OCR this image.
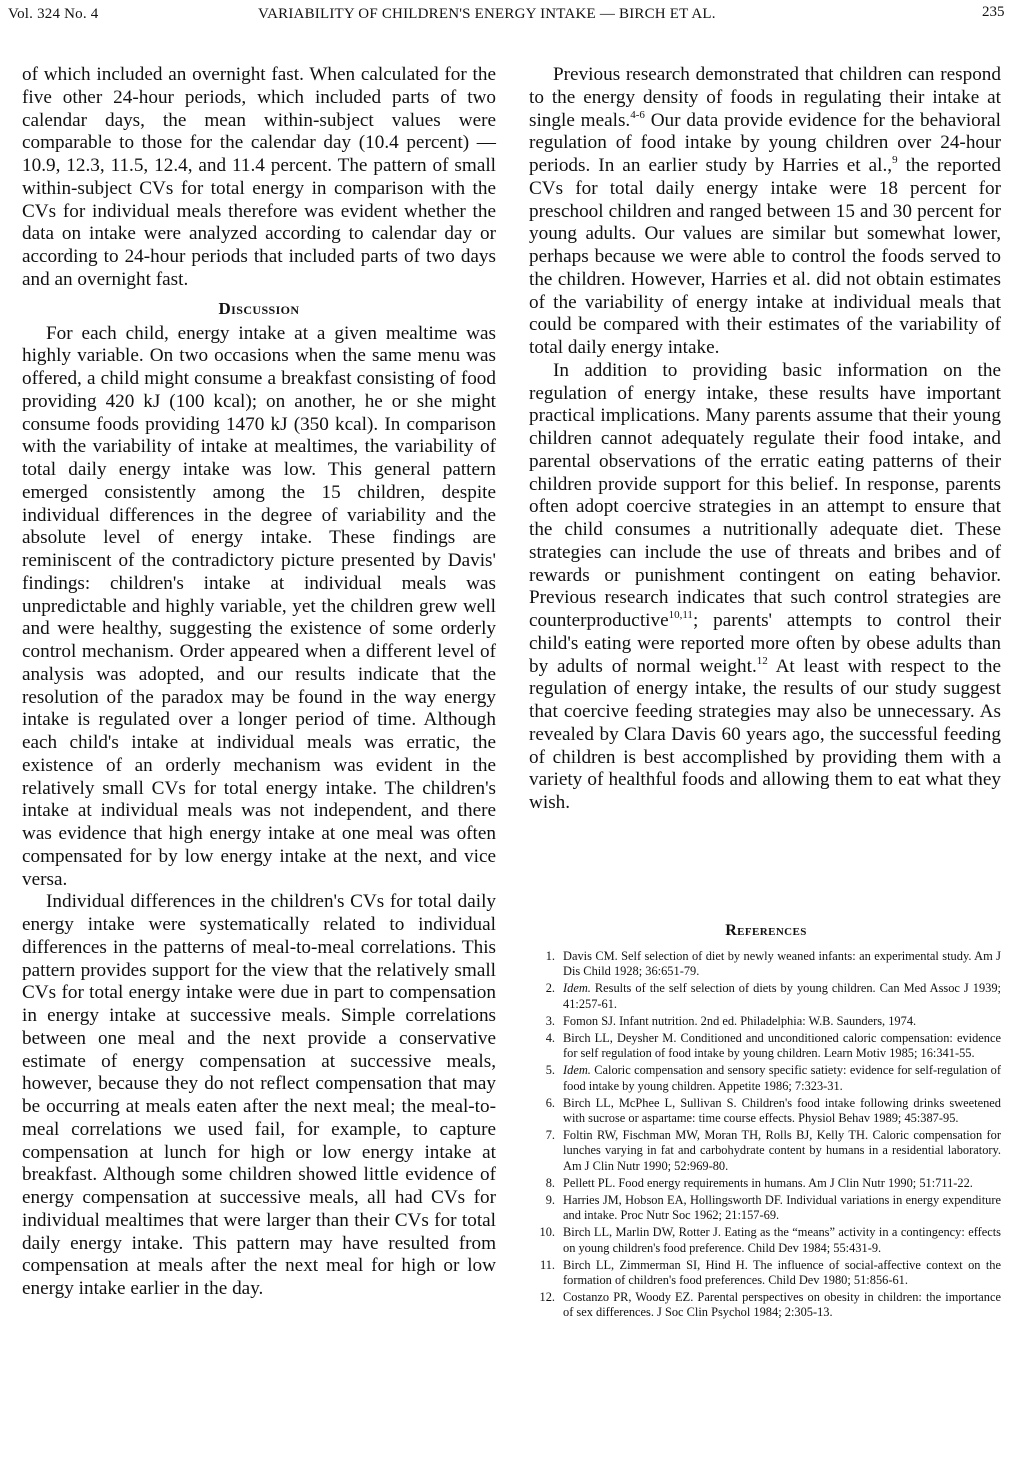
Vol. 324 No. 4	VARIABILITY OF CHILDREN'S ENERGY INTAKE — BIRCH ET AL.	235

of which included an overnight fast. When calculated for the five other 24-hour periods, which included parts of two calendar days, the mean within-subject values were comparable to those for the calendar day (10.4 percent) — 10.9, 12.3, 11.5, 12.4, and 11.4 percent. The pattern of small within-subject CVs for total energy in comparison with the CVs for individual meals therefore was evident whether the data on intake were analyzed according to calendar day or according to 24-hour periods that included parts of two days and an overnight fast.

Discussion

For each child, energy intake at a given mealtime was highly variable. On two occasions when the same menu was offered, a child might consume a breakfast consisting of food providing 420 kJ (100 kcal); on another, he or she might consume foods providing 1470 kJ (350 kcal). In comparison with the variability of intake at mealtimes, the variability of total daily energy intake was low. This general pattern emerged consistently among the 15 children, despite individual differences in the degree of variability and the absolute level of energy intake. These findings are reminiscent of the contradictory picture presented by Davis' findings: children's intake at individual meals was unpredictable and highly variable, yet the children grew well and were healthy, suggesting the existence of some orderly control mechanism. Order appeared when a different level of analysis was adopted, and our results indicate that the resolution of the paradox may be found in the way energy intake is regulated over a longer period of time. Although each child's intake at individual meals was erratic, the existence of an orderly mechanism was evident in the relatively small CVs for total energy intake. The children's intake at individual meals was not independent, and there was evidence that high energy intake at one meal was often compensated for by low energy intake at the next, and vice versa.

Individual differences in the children's CVs for total daily energy intake were systematically related to individual differences in the patterns of meal-to-meal correlations. This pattern provides support for the view that the relatively small CVs for total energy intake were due in part to compensation in energy intake at successive meals. Simple correlations between one meal and the next provide a conservative estimate of energy compensation at successive meals, however, because they do not reflect compensation that may be occurring at meals eaten after the next meal; the meal-to-meal correlations we used fail, for example, to capture compensation at lunch for high or low energy intake at breakfast. Although some children showed little evidence of energy compensation at successive meals, all had CVs for individual mealtimes that were larger than their CVs for total daily energy intake. This pattern may have resulted from compensation at meals after the next meal for high or low energy intake earlier in the day.

Previous research demonstrated that children can respond to the energy density of foods in regulating their intake at single meals.$^{4-6}$ Our data provide evidence for the behavioral regulation of food intake by young children over 24-hour periods. In an earlier study by Harries et al.,$^9$ the reported CVs for total daily energy intake were 18 percent for preschool children and ranged between 15 and 30 percent for young adults. Our values are similar but somewhat lower, perhaps because we were able to control the foods served to the children. However, Harries et al. did not obtain estimates of the variability of energy intake at individual meals that could be compared with their estimates of the variability of total daily energy intake.

In addition to providing basic information on the regulation of energy intake, these results have important practical implications. Many parents assume that their young children cannot adequately regulate their food intake, and parental observations of the erratic eating patterns of their children provide support for this belief. In response, parents often adopt coercive strategies in an attempt to ensure that the child consumes a nutritionally adequate diet. These strategies can include the use of threats and bribes and of rewards or punishment contingent on eating behavior. Previous research indicates that such control strategies are counterproductive$^{10,11}$; parents' attempts to control their child's eating were reported more often by obese adults than by adults of normal weight.$^{12}$ At least with respect to the regulation of energy intake, the results of our study suggest that coercive feeding strategies may also be unnecessary. As revealed by Clara Davis 60 years ago, the successful feeding of children is best accomplished by providing them with a variety of healthful foods and allowing them to eat what they wish.

References
1 . Davis CM. Self selection of diet by newly weaned infants: an experimental study. Am J Dis Child 1928; 36:651-79.
2 . Idem. Results of the self selection of diets by young children. Can Med Assoc J 1939; 41:257-61.
3 . Fomon SJ. Infant nutrition. 2nd ed. Philadelphia: W.B. Saunders, 1974.
4 . Birch LL, Deysher M. Conditioned and unconditioned caloric compensation: evidence for self regulation of food intake by young children. Learn Motiv 1985; 16:341-55.
5 . Idem. Caloric compensation and sensory specific satiety: evidence for self-regulation of food intake by young children. Appetite 1986; 7:323-31.
6 . Birch LL, McPhee L, Sullivan S. Children's food intake following drinks sweetened with sucrose or aspartame: time course effects. Physiol Behav 1989; 45:387-95.
7 . Foltin RW, Fischman MW, Moran TH, Rolls BJ, Kelly TH. Caloric compensation for lunches varying in fat and carbohydrate content by humans in a residential laboratory. Am J Clin Nutr 1990; 52:969-80.
8 . Pellett PL. Food energy requirements in humans. Am J Clin Nutr 1990; 51:711-22.
9 . Harries JM, Hobson EA, Hollingsworth DF. Individual variations in energy expenditure and intake. Proc Nutr Soc 1962; 21:157-69.
10 . Birch LL, Marlin DW, Rotter J. Eating as the “means” activity in a contingency: effects on young children's food preference. Child Dev 1984; 55:431-9.
11 . Birch LL, Zimmerman SI, Hind H. The influence of social-affective context on the formation of children's food preferences. Child Dev 1980; 51:856-61.
12 . Costanzo PR, Woody EZ. Parental perspectives on obesity in children: the importance of sex differences. J Soc Clin Psychol 1984; 2:305-13.
